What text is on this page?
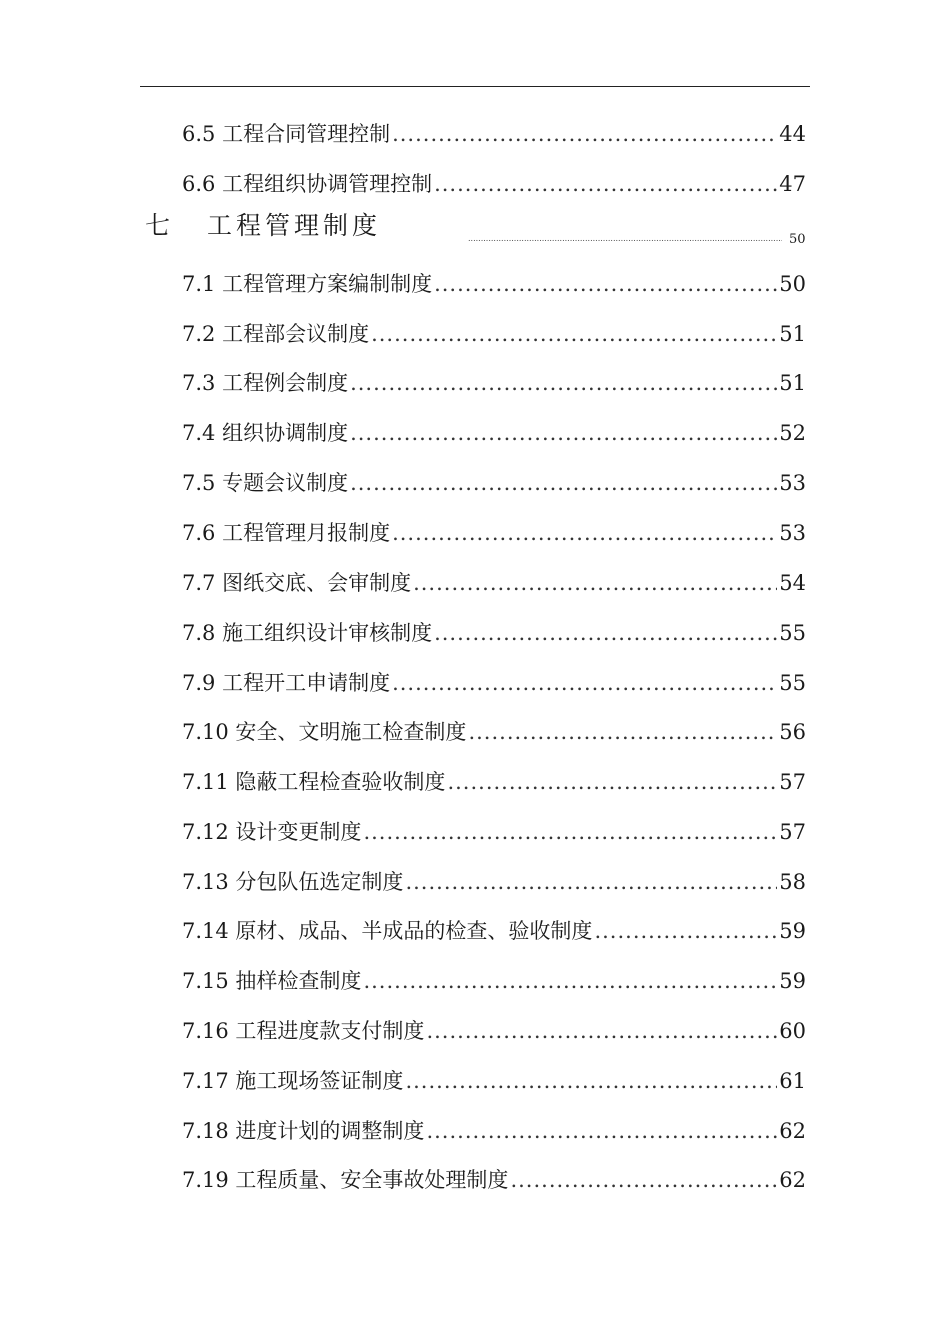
6.5 工程合同管理控制 .....	44
6.6 工程组织协调管理控制 .....	47
七 工程管理制度 .....	50
7.1 工程管理方案编制制度 .....	50
7.2 工程部会议制度 .....	51
7.3 工程例会制度 .....	51
7.4 组织协调制度 .....	52
7.5 专题会议制度 .....	53
7.6 工程管理月报制度 .....	53
7.7 图纸交底、会审制度 .....	54
7.8 施工组织设计审核制度 .....	55
7.9 工程开工申请制度 .....	55
7.10 安全、文明施工检查制度 .....	56
7.11 隐蔽工程检查验收制度 .....	57
7.12 设计变更制度 .....	57
7.13 分包队伍选定制度 .....	58
7.14 原材、成品、半成品的检查、验收制度 .....	59
7.15 抽样检查制度 .....	59
7.16 工程进度款支付制度 .....	60
7.17 施工现场签证制度 .....	61
7.18 进度计划的调整制度 .....	62
7.19 工程质量、安全事故处理制度 .....	62
